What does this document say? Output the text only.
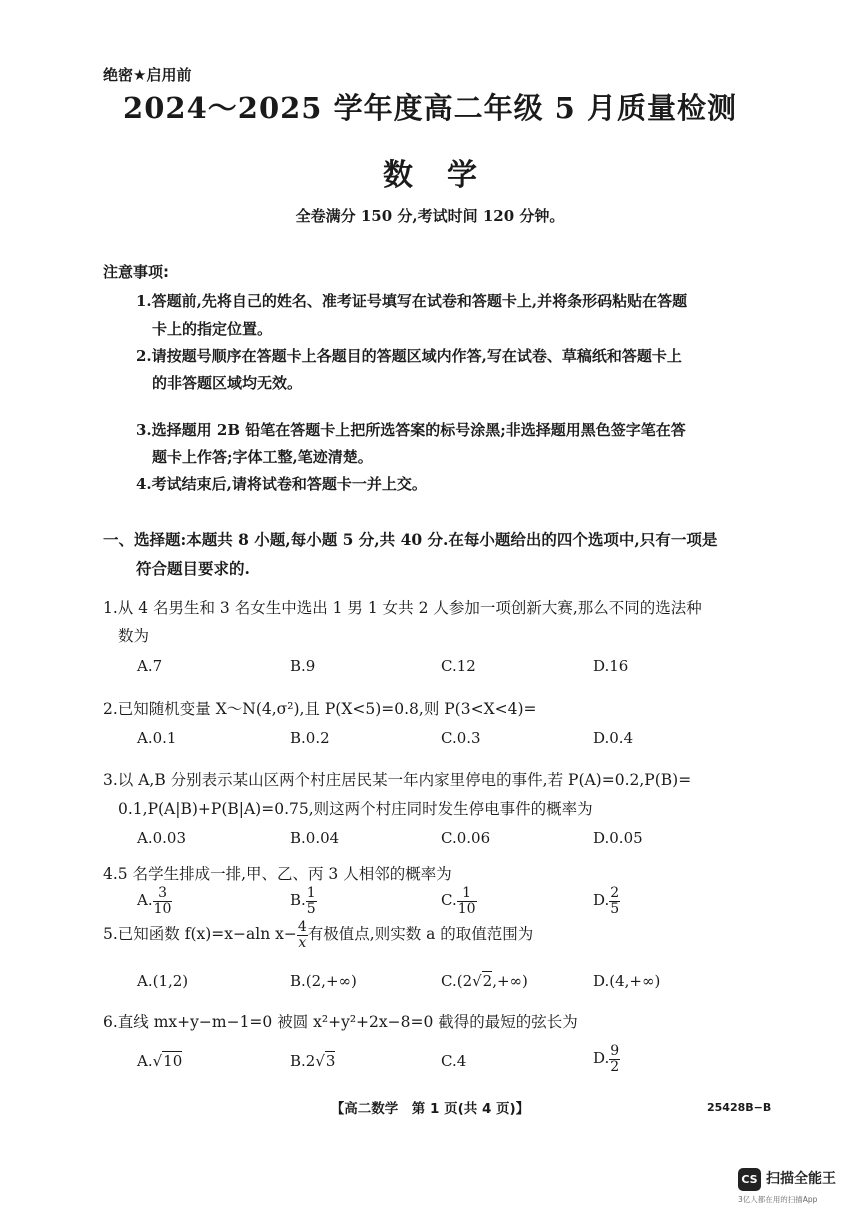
绝密★启用前
2024～2025 学年度高二年级 5 月质量检测
数学
全卷满分 150 分,考试时间 120 分钟。
注意事项:
1.答题前,先将自己的姓名、准考证号填写在试卷和答题卡上,并将条形码粘贴在答题
卡上的指定位置。
2.请按题号顺序在答题卡上各题目的答题区域内作答,写在试卷、草稿纸和答题卡上
的非答题区域均无效。
3.选择题用 2B 铅笔在答题卡上把所选答案的标号涂黑;非选择题用黑色签字笔在答
题卡上作答;字体工整,笔迹清楚。
4.考试结束后,请将试卷和答题卡一并上交。
一、选择题:本题共 8 小题,每小题 5 分,共 40 分.在每小题给出的四个选项中,只有一项是
符合题目要求的.
1.从 4 名男生和 3 名女生中选出 1 男 1 女共 2 人参加一项创新大赛,那么不同的选法种
数为
A.7	B.9	C.12	D.16
2.已知随机变量 X～N(4,σ²),且 P(X<5)=0.8,则 P(3<X<4)=
A.0.1	B.0.2	C.0.3	D.0.4
3.以 A,B 分别表示某山区两个村庄居民某一年内家里停电的事件,若 P(A)=0.2,P(B)=
0.1,P(A|B)+P(B|A)=0.75,则这两个村庄同时发生停电事件的概率为
A.0.03	B.0.04	C.0.06	D.0.05
4.5 名学生排成一排,甲、乙、丙 3 人相邻的概率为
A. $\frac{3}{10}$	B. $\frac{1}{5}$	C. $\frac{1}{10}$	D. $\frac{2}{5}$
5.已知函数 f(x)=x−aln $x- \frac{4}{x}$ 有极值点,则实数 a 的取值范围为
A.(1,2)	B.(2,+∞)	C.(2√2,+∞)	D.(4,+∞)
6.直线 mx+y−m−1=0 被圆 x²+y²+2x−8=0 截得的最短的弦长为
A.√10	B.2√3	C.4	D. $\frac{9}{2}$
【高二数学　第 1 页(共 4 页)】	25428B−B
CS 扫描全能王
3亿人都在用的扫描App
